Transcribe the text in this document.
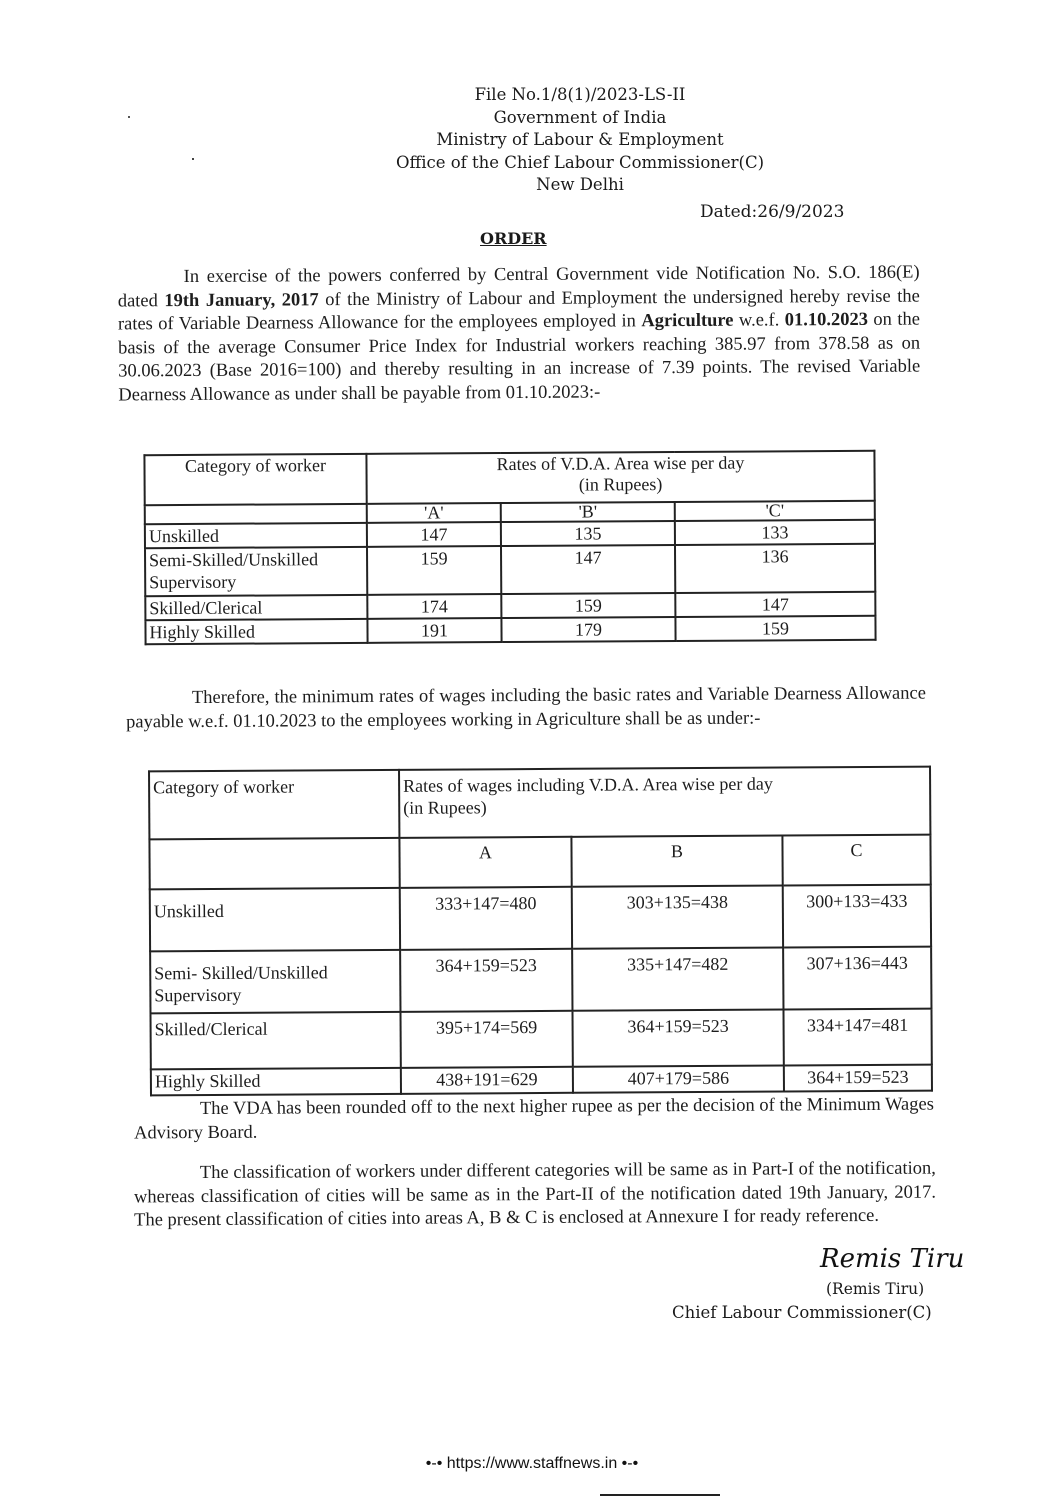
File No.1/8(1)/2023-LS-II
Government of India
Ministry of Labour & Employment
Office of the Chief Labour Commissioner(C)
New Delhi
Dated:26/9/2023
ORDER
In exercise of the powers conferred by Central Government vide Notification No. S.O. 186(E) dated 19th January, 2017 of the Ministry of Labour and Employment the undersigned hereby revise the rates of Variable Dearness Allowance for the employees employed in Agriculture w.e.f. 01.10.2023 on the basis of the average Consumer Price Index for Industrial workers reaching 385.97 from 378.58 as on 30.06.2023 (Base 2016=100) and thereby resulting in an increase of 7.39 points. The revised Variable Dearness Allowance as under shall be payable from 01.10.2023:-
Category of worker	Rates of V.D.A. Area wise per day
(in Rupees)		

	'A'	'B'	'C'
Unskilled	147	135	133
Semi-Skilled/Unskilled Supervisory	159	147	136
Skilled/Clerical	174	159	147
Highly Skilled	191	179	159
Therefore, the minimum rates of wages including the basic rates and Variable Dearness Allowance payable w.e.f. 01.10.2023 to the employees working in Agriculture shall be as under:-
Category of worker	Rates of wages including V.D.A. Area wise per day
(in Rupees)		

	A	B	C
Unskilled	333+147=480	303+135=438	300+133=433
Semi- Skilled/Unskilled Supervisory	364+159=523	335+147=482	307+136=443
Skilled/Clerical	395+174=569	364+159=523	334+147=481
Highly Skilled	438+191=629	407+179=586	364+159=523
The VDA has been rounded off to the next higher rupee as per the decision of the Minimum Wages Advisory Board.
The classification of workers under different categories will be same as in Part-I of the notification, whereas classification of cities will be same as in the Part-II of the notification dated 19th January, 2017. The present classification of cities into areas A, B & C is enclosed at Annexure I for ready reference.
Remis Tiru
(Remis Tiru)
Chief Labour Commissioner(C)
•-• https://www.staffnews.in •-•
